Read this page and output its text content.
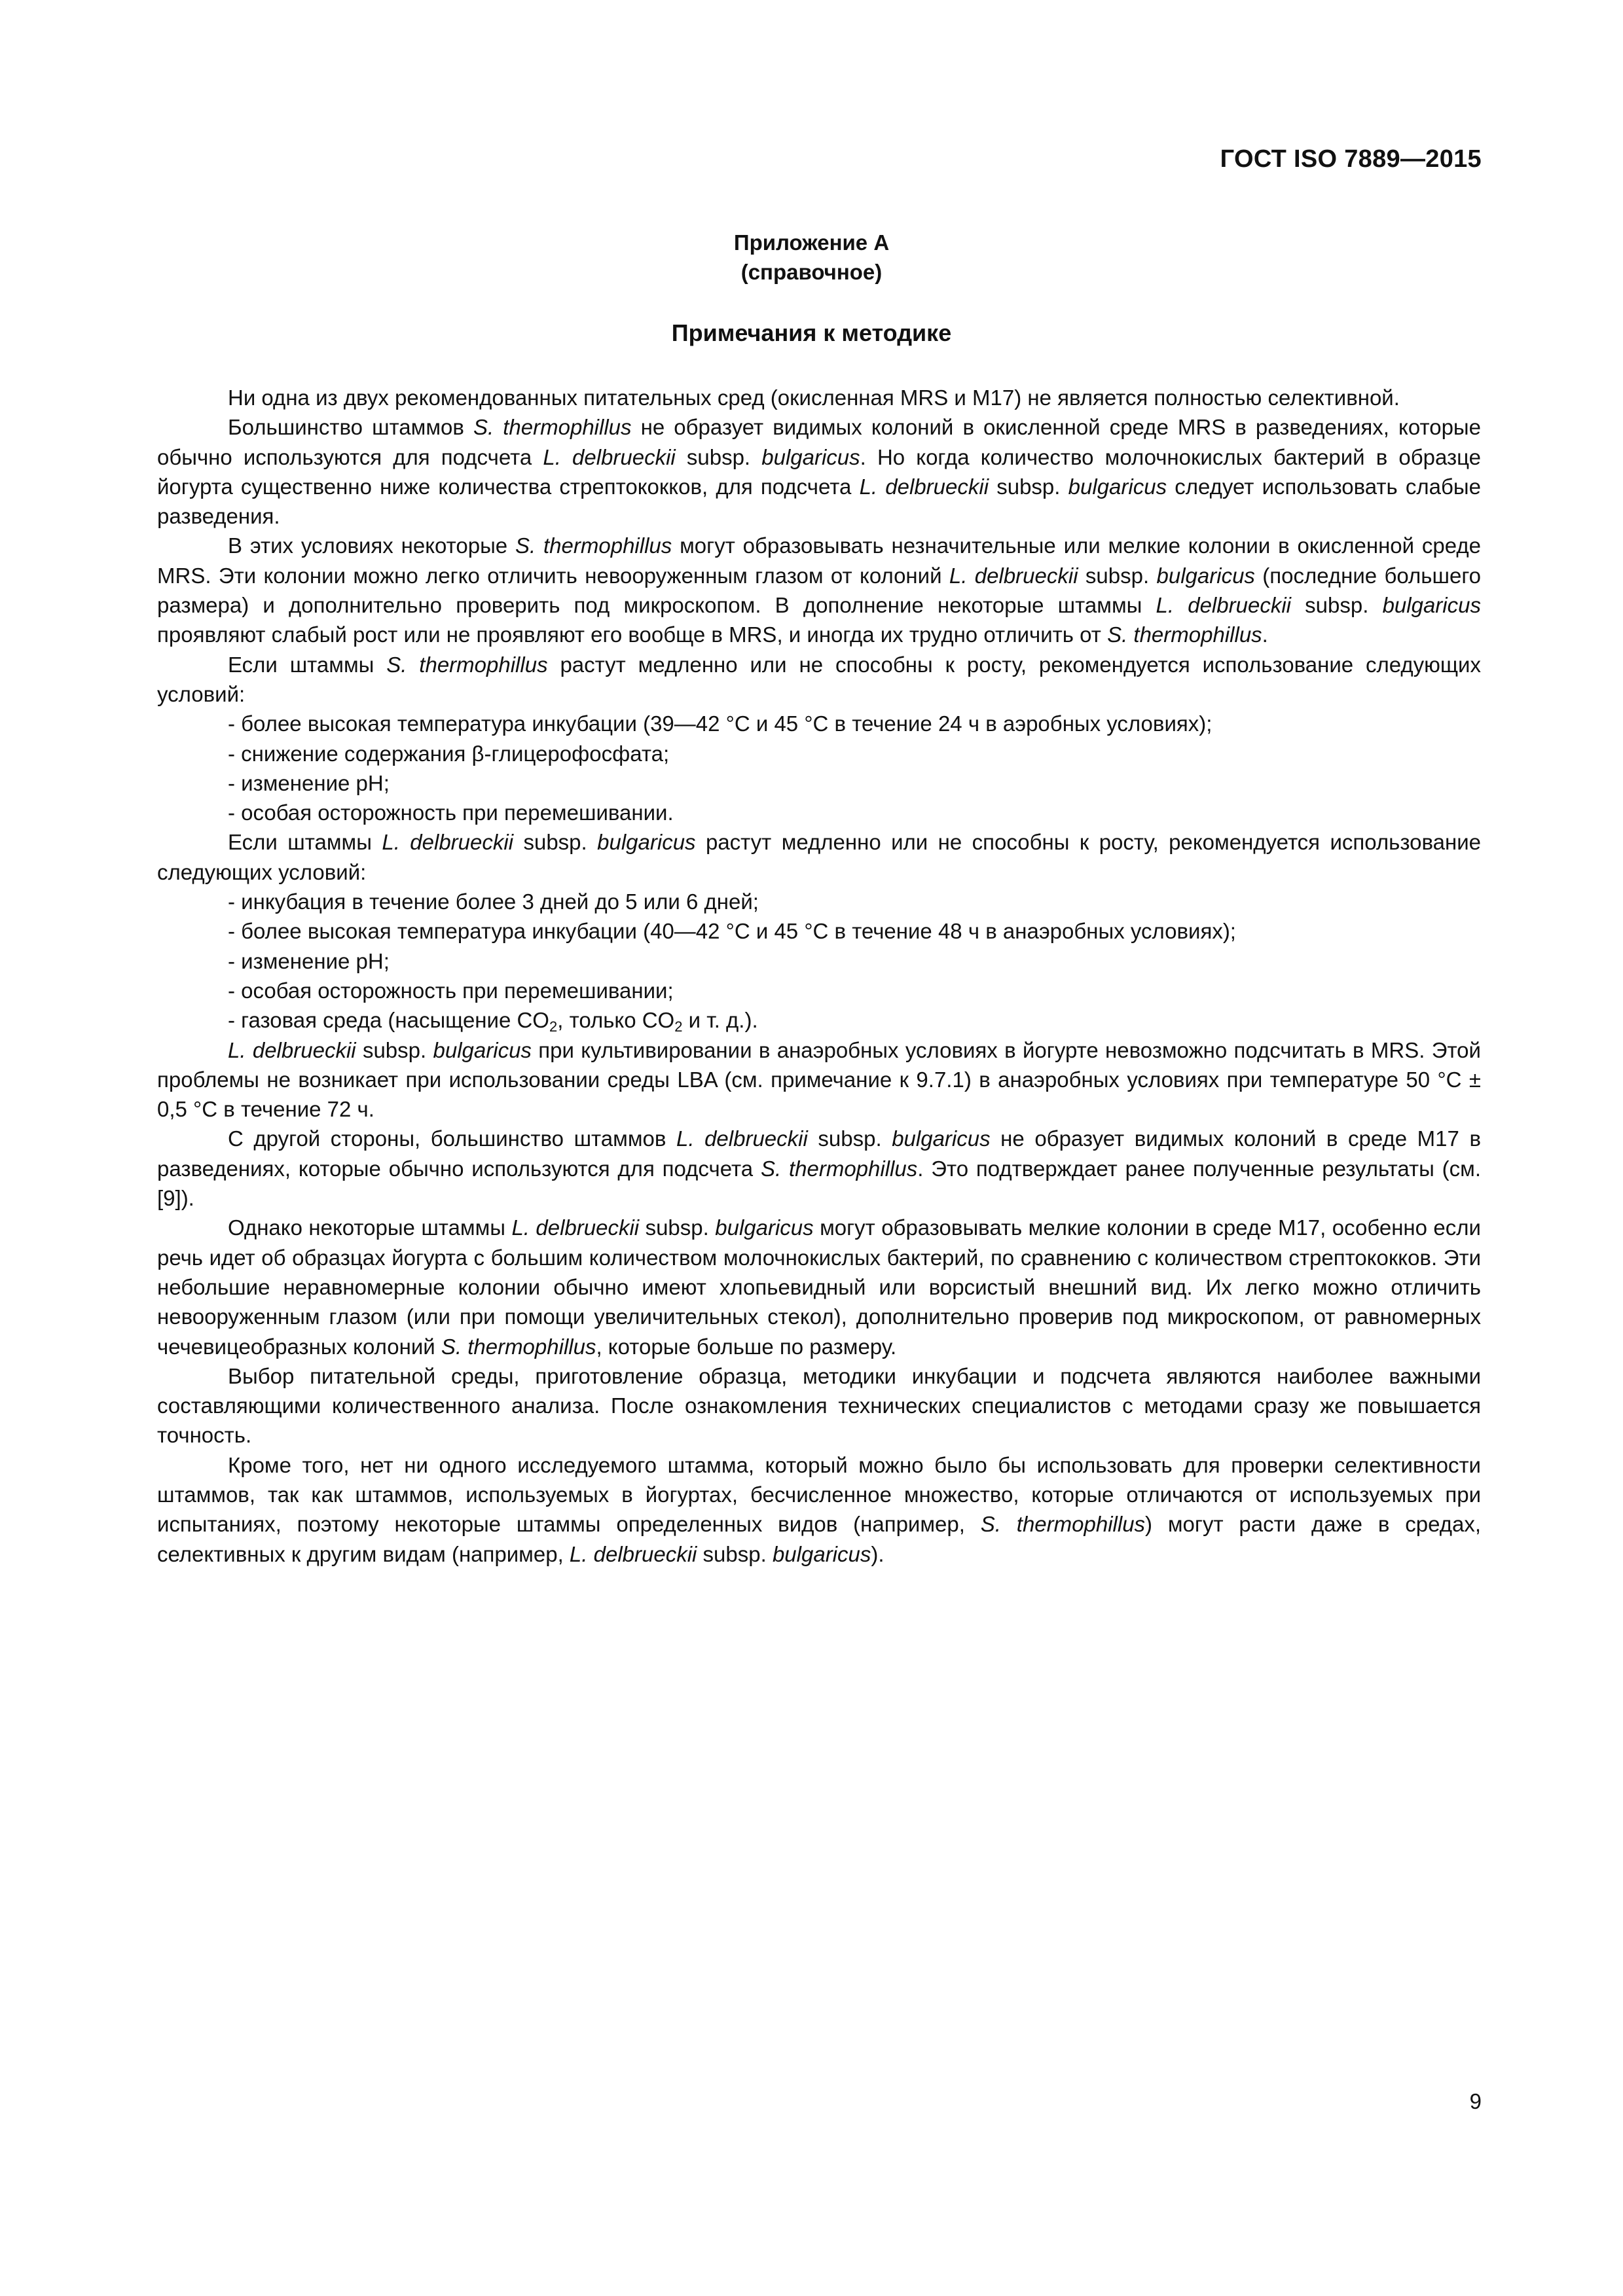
ГОСТ ISO 7889—2015
Приложение А
(справочное)
Примечания к методике

Ни одна из двух рекомендованных питательных сред (окисленная MRS и M17) не является полностью селективной.

Большинство штаммов S. thermophillus не образует видимых колоний в окисленной среде MRS в разведениях, которые обычно используются для подсчета L. delbrueckii subsp. bulgaricus. Но когда количество молочнокислых бактерий в образце йогурта существенно ниже количества стрептококков, для подсчета L. delbrueckii subsp. bulgaricus следует использовать слабые разведения.

В этих условиях некоторые S. thermophillus могут образовывать незначительные или мелкие колонии в окисленной среде MRS. Эти колонии можно легко отличить невооруженным глазом от колоний L. delbrueckii subsp. bulgaricus (последние большего размера) и дополнительно проверить под микроскопом. В дополнение некоторые штаммы L. delbrueckii subsp. bulgaricus проявляют слабый рост или не проявляют его вообще в MRS, и иногда их трудно отличить от S. thermophillus.

Если штаммы S. thermophillus растут медленно или не способны к росту, рекомендуется использование следующих условий:

- более высокая температура инкубации (39—42 °C и 45 °C в течение 24 ч в аэробных условиях);

- снижение содержания β-глицерофосфата;

- изменение pH;

- особая осторожность при перемешивании.

Если штаммы L. delbrueckii subsp. bulgaricus растут медленно или не способны к росту, рекомендуется использование следующих условий:

- инкубация в течение более 3 дней до 5 или 6 дней;

- более высокая температура инкубации (40—42 °C и 45 °C в течение 48 ч в анаэробных условиях);

- изменение pH;

- особая осторожность при перемешивании;

- газовая среда (насыщение $CO_2$, только $CO_2$ и т. д.).

L. delbrueckii subsp. bulgaricus при культивировании в анаэробных условиях в йогурте невозможно подсчитать в MRS. Этой проблемы не возникает при использовании среды LBA (см. примечание к 9.7.1) в анаэробных условиях при температуре 50 °C ± 0,5 °C в течение 72 ч.

С другой стороны, большинство штаммов L. delbrueckii subsp. bulgaricus не образует видимых колоний в среде M17 в разведениях, которые обычно используются для подсчета S. thermophillus. Это подтверждает ранее полученные результаты (см. [9]).

Однако некоторые штаммы L. delbrueckii subsp. bulgaricus могут образовывать мелкие колонии в среде M17, особенно если речь идет об образцах йогурта с большим количеством молочнокислых бактерий, по сравнению с количеством стрептококков. Эти небольшие неравномерные колонии обычно имеют хлопьевидный или ворсистый внешний вид. Их легко можно отличить невооруженным глазом (или при помощи увеличительных стекол), дополнительно проверив под микроскопом, от равномерных чечевицеобразных колоний S. thermophillus, которые больше по размеру.

Выбор питательной среды, приготовление образца, методики инкубации и подсчета являются наиболее важными составляющими количественного анализа. После ознакомления технических специалистов с методами сразу же повышается точность.

Кроме того, нет ни одного исследуемого штамма, который можно было бы использовать для проверки селективности штаммов, так как штаммов, используемых в йогуртах, бесчисленное множество, которые отличаются от используемых при испытаниях, поэтому некоторые штаммы определенных видов (например, S. thermophillus) могут расти даже в средах, селективных к другим видам (например, L. delbrueckii subsp. bulgaricus).

9
